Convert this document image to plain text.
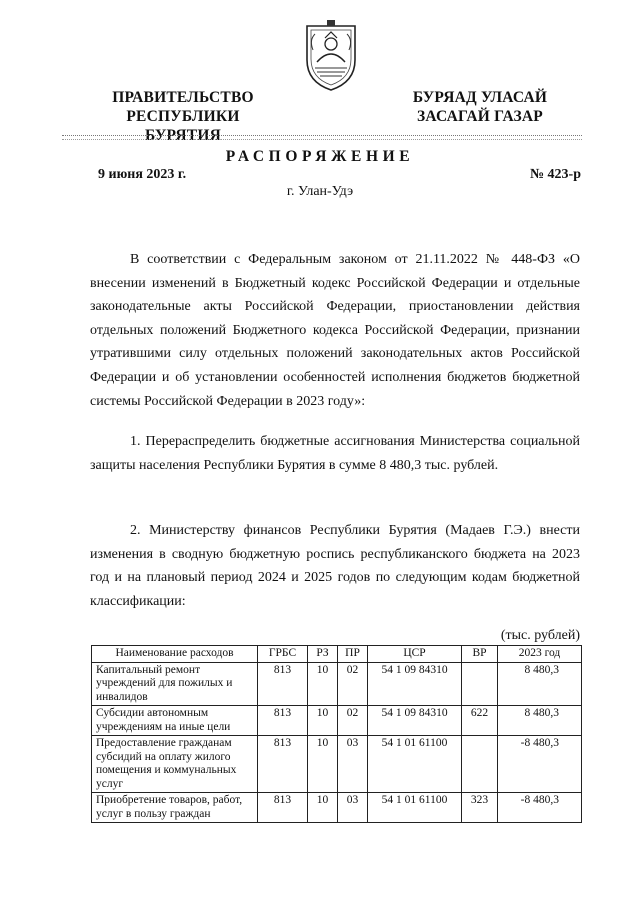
ПРАВИТЕЛЬСТВО
РЕСПУБЛИКИ БУРЯТИЯ
БУРЯАД УЛАСАЙ
ЗАСАГАЙ ГАЗАР
РАСПОРЯЖЕНИЕ
9 июня 2023 г.	№ 423-р
г. Улан-Удэ
В соответствии с Федеральным законом от 21.11.2022 № 448-ФЗ «О внесении изменений в Бюджетный кодекс Российской Федерации и отдельные законодательные акты Российской Федерации, приостановлении действия отдельных положений Бюджетного кодекса Российской Федерации, признании утратившими силу отдельных положений законодательных актов Российской Федерации и об установлении особенностей исполнения бюджетов бюджетной системы Российской Федерации в 2023 году»:
1. Перераспределить бюджетные ассигнования Министерства социальной защиты населения Республики Бурятия в сумме 8 480,3 тыс. рублей.
2. Министерству финансов Республики Бурятия (Мадаев Г.Э.) внести изменения в сводную бюджетную роспись республиканского бюджета на 2023 год и на плановый период 2024 и 2025 годов по следующим кодам бюджетной классификации:
(тыс. рублей)
Наименование расходов	ГРБС	РЗ	ПР	ЦСР	ВР	2023 год
Капитальный ремонт учреждений для пожилых и инвалидов	813	10	02	54 1 09 84310		8 480,3
Субсидии автономным учреждениям на иные цели	813	10	02	54 1 09 84310	622	8 480,3
Предоставление гражданам субсидий на оплату жилого помещения и коммунальных услуг	813	10	03	54 1 01 61100		-8 480,3
Приобретение товаров, работ, услуг в пользу граждан	813	10	03	54 1 01 61100	323	-8 480,3
